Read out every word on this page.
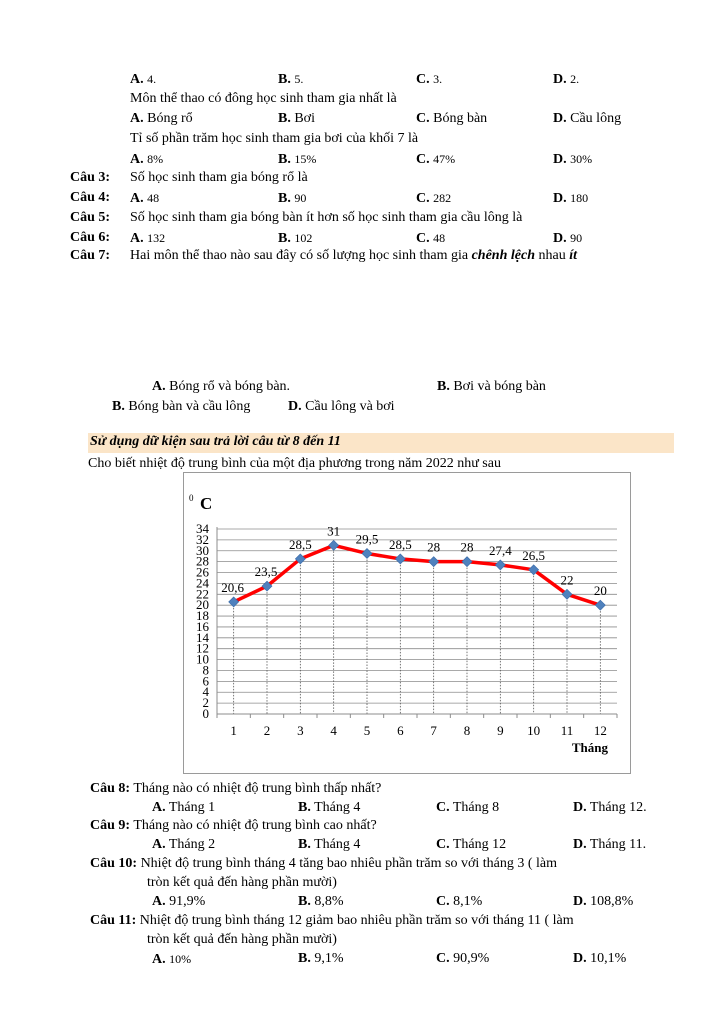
A. 4.	B. 5.	C. 3.	D. 2.
Môn thể thao có đông học sinh tham gia nhất là
A. Bóng rổ	B. Bơi	C. Bóng bàn	D. Cầu lông
Tỉ số phần trăm học sinh tham gia bơi của khối 7 là
A. 8%	B. 15%	C. 47%	D. 30%
Câu 3: Số học sinh tham gia bóng rổ là
Câu 4: A. 48	B. 90	C. 282	D. 180
Câu 5: Số học sinh tham gia bóng bàn ít hơn số học sinh tham gia cầu lông là
Câu 6: A. 132	B. 102	C. 48	D. 90
Câu 7: Hai môn thể thao nào sau đây có số lượng học sinh tham gia chênh lệch nhau ít
A. Bóng rổ và bóng bàn.	B. Bơi và bóng bàn
B. Bóng bàn và cầu lông	D. Cầu lông và bơi
Sử dụng dữ kiện sau trả lời câu từ 8 đến 11
Cho biết nhiệt độ trung bình của một địa phương trong năm 2022 như sau
0
2
4
6
8
10
12
14
16
18
20
22
24
26
28
30
32
34
1 2 3 4 5 6 7 8 9 10 11 12
20,6
23,5
28,5
31
29,5 28,5 28 28 27,4 26,5
22
20
0 C
Tháng
Câu 8: Tháng nào có nhiệt độ trung bình thấp nhất?
A. Tháng 1	B. Tháng 4	C. Tháng 8	D. Tháng 12.
Câu 9: Tháng nào có nhiệt độ trung bình cao nhất?
A. Tháng 2	B. Tháng 4	C. Tháng 12	D. Tháng 11.
Câu 10: Nhiệt độ trung bình tháng 4 tăng bao nhiêu phần trăm so với tháng 3 ( làm
tròn kết quả đến hàng phần mười)
A. 91,9%	B. 8,8%	C. 8,1%	D. 108,8%
Câu 11: Nhiệt độ trung bình tháng 12 giảm bao nhiêu phần trăm so với tháng 11 ( làm
tròn kết quả đến hàng phần mười)
A. 10%	B. 9,1%	C. 90,9%	D. 10,1%
